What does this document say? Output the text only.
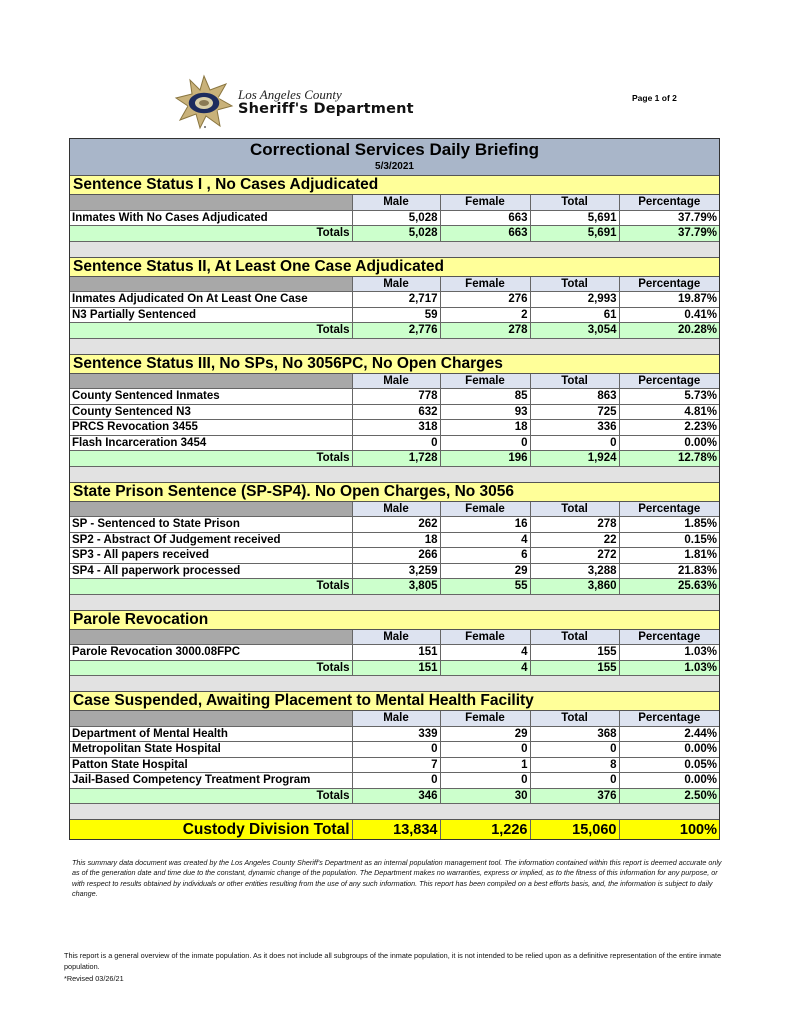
Los Angeles County
Sheriff's Department
Page 1 of 2
Correctional Services Daily Briefing
5/3/2021
Sentence Status I , No Cases Adjudicated
	Male	Female	Total	Percentage
Inmates With No Cases Adjudicated	5,028	663	5,691	37.79%
Totals	5,028	663	5,691	37.79%
Sentence Status II, At Least One Case Adjudicated
	Male	Female	Total	Percentage
Inmates Adjudicated On At Least One Case	2,717	276	2,993	19.87%
N3 Partially Sentenced	59	2	61	0.41%
Totals	2,776	278	3,054	20.28%
Sentence Status III, No SPs, No 3056PC, No Open Charges
	Male	Female	Total	Percentage
County Sentenced Inmates	778	85	863	5.73%
County Sentenced N3	632	93	725	4.81%
PRCS Revocation 3455	318	18	336	2.23%
Flash Incarceration 3454	0	0	0	0.00%
Totals	1,728	196	1,924	12.78%
State Prison Sentence (SP-SP4). No Open Charges, No 3056
	Male	Female	Total	Percentage
SP - Sentenced to State Prison	262	16	278	1.85%
SP2 - Abstract Of Judgement received	18	4	22	0.15%
SP3 - All papers received	266	6	272	1.81%
SP4 - All paperwork processed	3,259	29	3,288	21.83%
Totals	3,805	55	3,860	25.63%
Parole Revocation
	Male	Female	Total	Percentage
Parole Revocation 3000.08FPC	151	4	155	1.03%
Totals	151	4	155	1.03%
Case Suspended, Awaiting Placement to Mental Health Facility
	Male	Female	Total	Percentage
Department of Mental Health	339	29	368	2.44%
Metropolitan State Hospital	0	0	0	0.00%
Patton State Hospital	7	1	8	0.05%
Jail-Based Competency Treatment Program	0	0	0	0.00%
Totals	346	30	376	2.50%
Custody Division Total	13,834	1,226	15,060	100%
This summary data document was created by the Los Angeles County Sheriff's Department as an internal population management tool. The information contained within this report is deemed accurate only as of the generation date and time due to the constant, dynamic change of the population. The Department makes no warranties, express or implied, as to the fitness of this information for any purpose, or with respect to results obtained by individuals or other entities resulting from the use of any such information. This report has been compiled on a best efforts basis, and, the information is subject to daily change.
This report is a general overview of the inmate population. As it does not include all subgroups of the inmate population, it is not intended to be relied upon as a definitive representation of the entire inmate population.
*Revised 03/26/21
